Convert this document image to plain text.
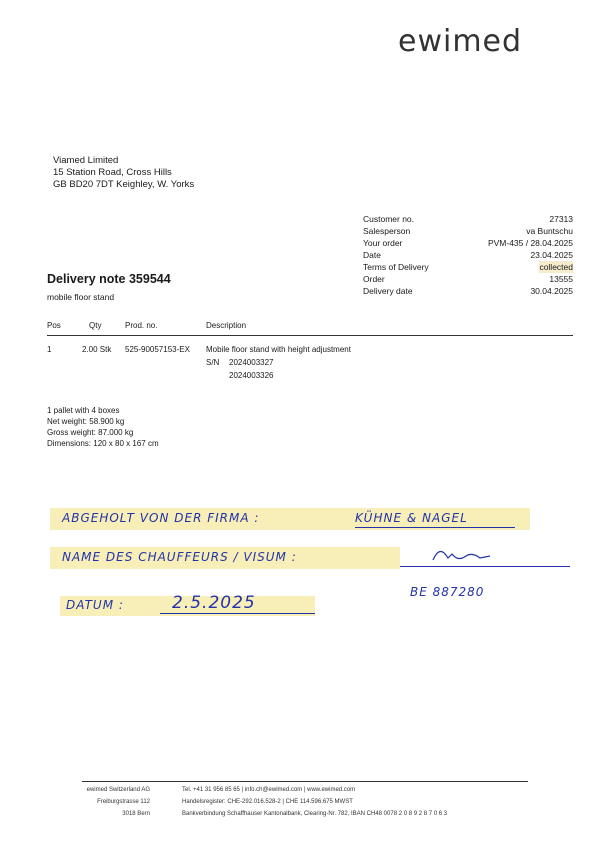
ewimed
Viamed Limited
15 Station Road, Cross Hills
GB BD20 7DT Keighley, W. Yorks
Customer no.	27313
Salesperson	va Buntschu
Your order	PVM-435 / 28.04.2025
Date	23.04.2025
Terms of Delivery	collected
Order	13555
Delivery date	30.04.2025
Delivery note 359544
mobile floor stand
Pos	Qty	Prod. no.	Description
1	2.00 Stk 525-90057153-EX Mobile floor stand with height adjustment
S/N 2024003327
2024003326
1 pallet with 4 boxes
Net weight: 58.900 kg
Gross weight: 87.000 kg
Dimensions: 120 x 80 x 167 cm
ABGEHOLT VON DER FIRMA :	KÜHNE & NAGEL
NAME DES CHAUFFEURS / VISUM :
BE 887280
DATUM :	2.5.2025
ewimed Switzerland AG
Freiburgstrasse 112
3018 Bern
Tel. +41 31 956 85 65 | info.ch@ewimed.com | www.ewimed.com
Handelsregister: CHE-292.016.528-2 | CHE 114.596.675 MWST
Bankverbindung Schaffhauser Kantonalbank, Clearing-Nr. 782, IBAN CH48 0078 2 0 8 9 2 8 7 0 6 3
